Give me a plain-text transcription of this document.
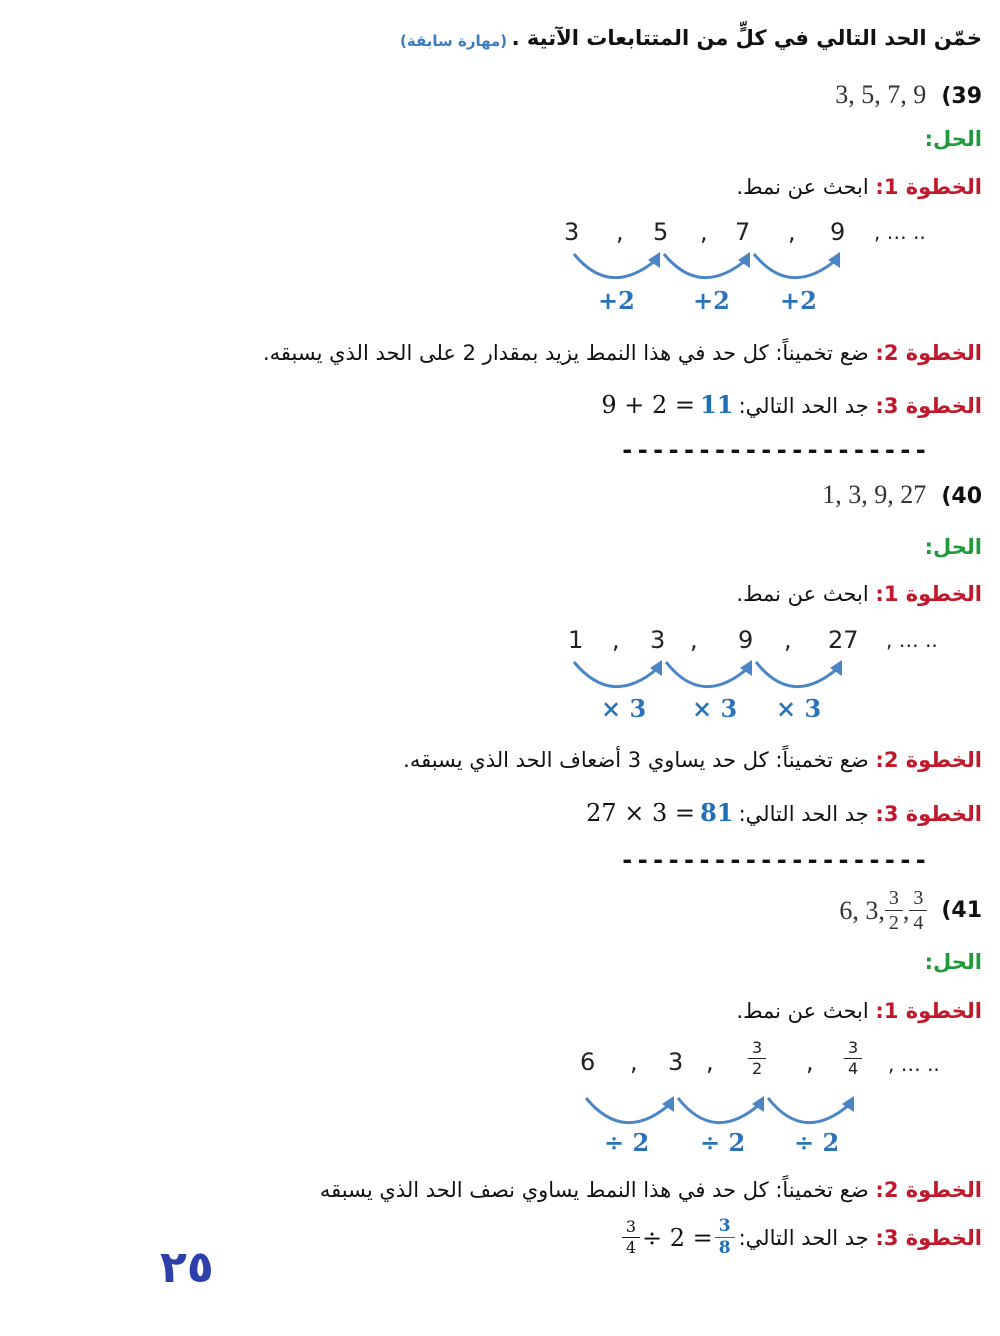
خمّن الحد التالي في كلٍّ من المتتابعات الآتية .
(مهارة سابقة)
3, 5, 7, 9 (39
الحل:
الخطوة 1: ابحث عن نمط.
3 , 5 , 7 , 9 , … ..
+2 +2 +2
الخطوة 2: ضع تخميناً: كل حد في هذا النمط يزيد بمقدار 2 على الحد الذي يسبقه.
9 + 2 = 11	الخطوة 3: جد الحد التالي:
--------------------
1, 3, 9, 27 (40
الحل:
الخطوة 1: ابحث عن نمط.
1 , 3 , 9 , 27 , … ..
× 3 × 3 × 3
الخطوة 2: ضع تخميناً: كل حد يساوي 3 أضعاف الحد الذي يسبقه.
27 × 3 = 81	الخطوة 3: جد الحد التالي:
--------------------
6, 3, $\frac{3}{2}$ , $\frac{3}{4} (41$
الحل:
الخطوة 1: ابحث عن نمط.
6 , 3 ,
3
2 ,
3
4 , … ..
÷ 2 ÷ 2 ÷ 2
الخطوة 2: ضع تخميناً: كل حد في هذا النمط يساوي نصف الحد الذي يسبقه
$\frac{3}{4} \div 2 = \frac{3}{8}$	الخطوة 3: جد الحد التالي:
٢٥
